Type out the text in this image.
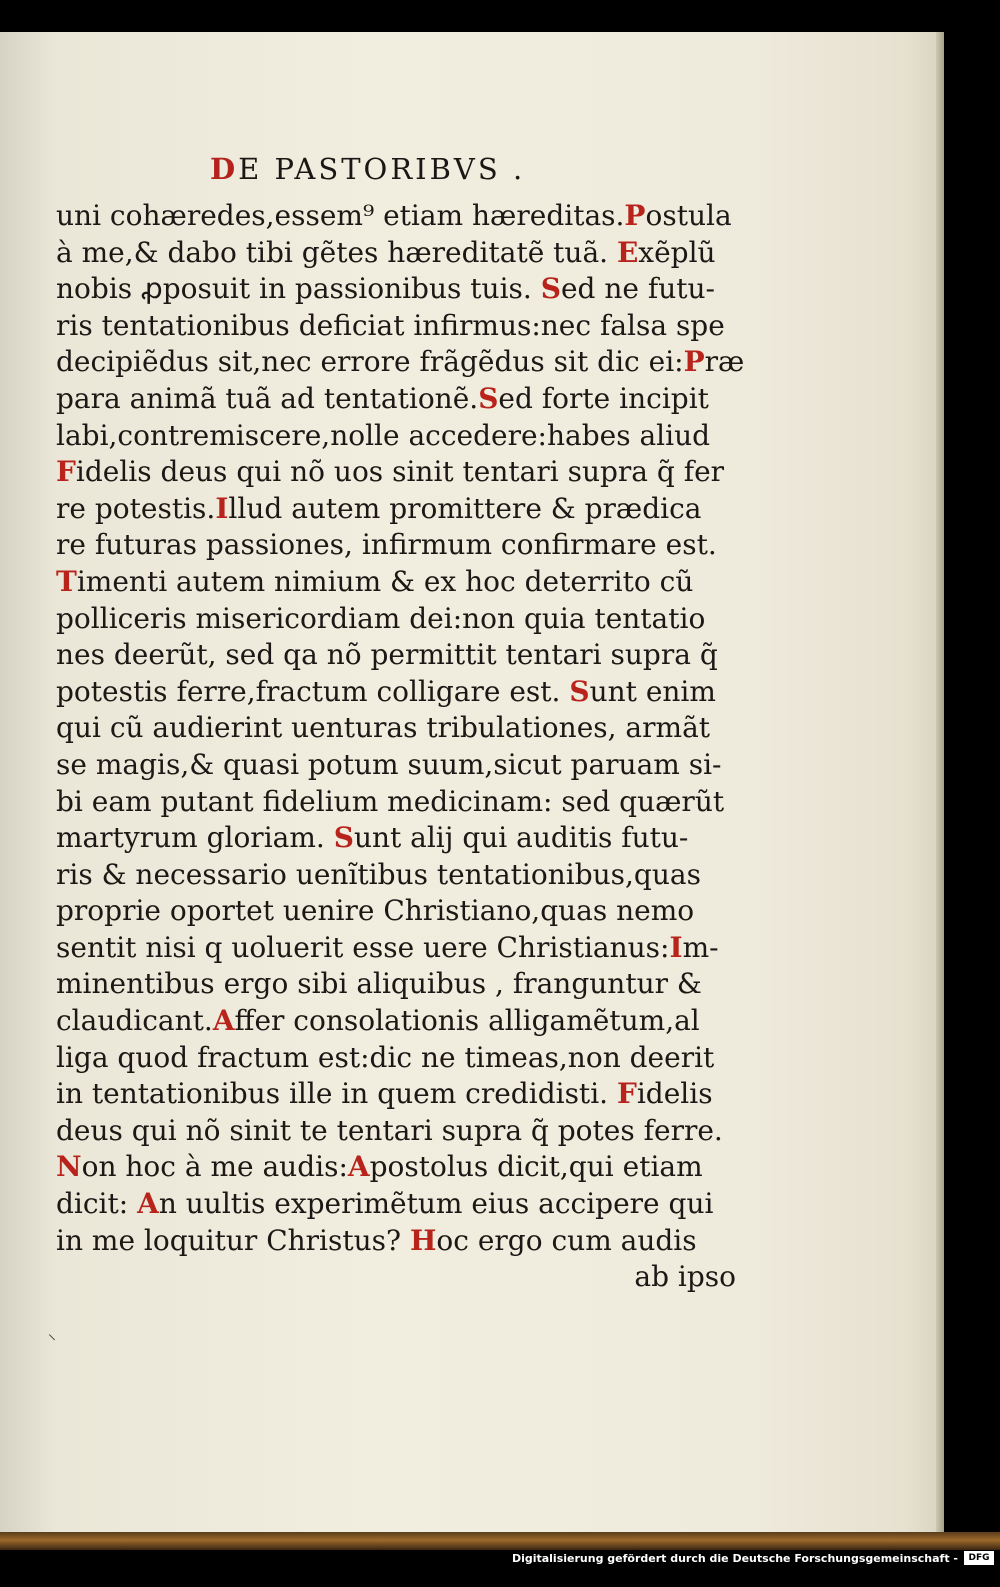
DE PASTORIBVS .
uni cohæredes,essem⁹ etiam hæreditas.Postula
à me,& dabo tibi gẽtes hæreditatẽ tuã. Exẽplũ
nobis ꝓposuit in passionibus tuis. Sed ne futu-
ris tentationibus deficiat infirmus:nec falsa spe
decipiẽdus sit,nec errore frãgẽdus sit dic ei:Præ
para animã tuã ad tentationẽ.Sed forte incipit
labi,contremiscere,nolle accedere:habes aliud
Fidelis deus qui nõ uos sinit tentari supra q̃ fer
re potestis.Illud autem promittere & prædica
re futuras passiones, infirmum confirmare est.
Timenti autem nimium & ex hoc deterrito cũ
polliceris misericordiam dei:non quia tentatio
nes deerũt, sed qa nõ permittit tentari supra q̃
potestis ferre,fractum colligare est. Sunt enim
qui cũ audierint uenturas tribulationes, armãt
se magis,& quasi potum suum,sicut paruam si-
bi eam putant fidelium medicinam: sed quærũt
martyrum gloriam. Sunt alij qui auditis futu-
ris & necessario uenĩtibus tentationibus,quas
proprie oportet uenire Christiano,quas nemo
sentit nisi q uoluerit esse uere Christianus:Im-
minentibus ergo sibi aliquibus , franguntur &
claudicant.Affer consolationis alligamẽtum,al
liga quod fractum est:dic ne timeas,non deerit
in tentationibus ille in quem credidisti. Fidelis
deus qui nõ sinit te tentari supra q̃ potes ferre.
Non hoc à me audis:Apostolus dicit,qui etiam
dicit: An uultis experimẽtum eius accipere qui
in me loquitur Christus? Hoc ergo cum audis
ab ipso
⸜
Digitalisierung gefördert durch die Deutsche Forschungsgemeinschaft -	DFG
